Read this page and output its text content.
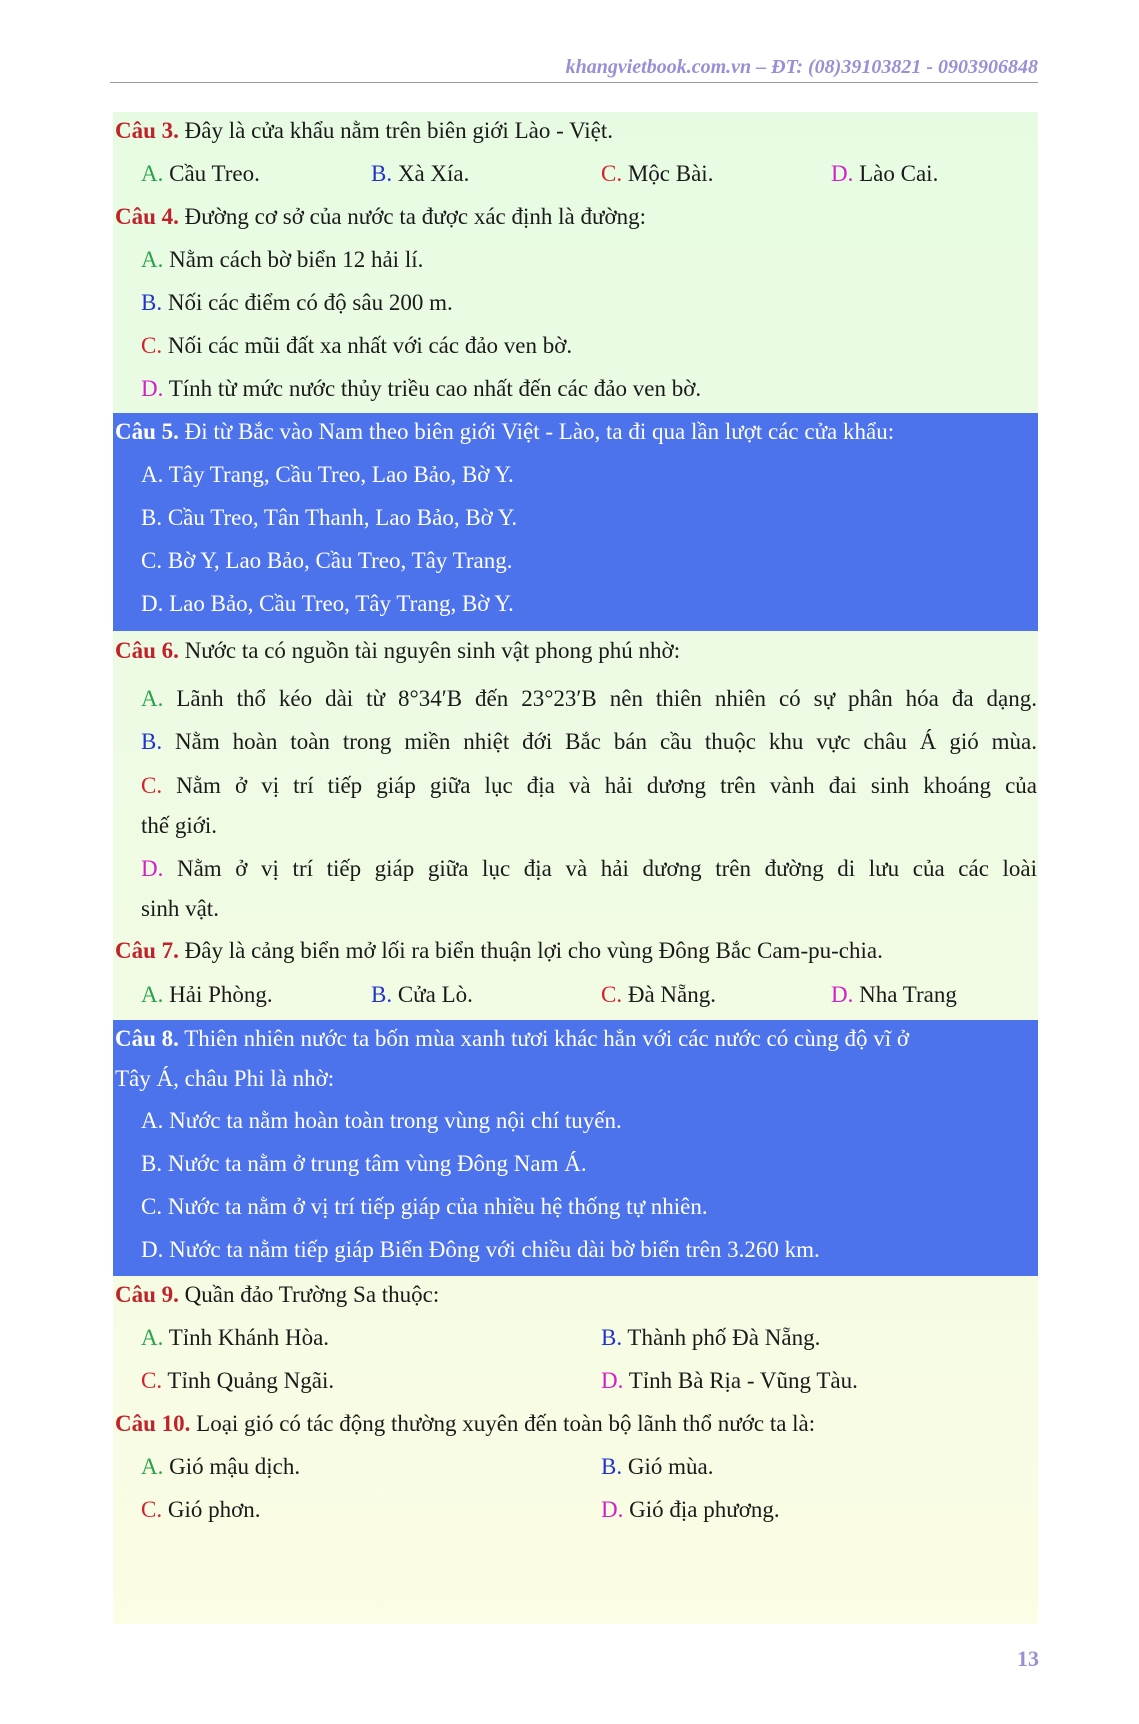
khangvietbook.com.vn – ĐT: (08)39103821 - 0903906848
Câu 3. Đây là cửa khẩu nằm trên biên giới Lào - Việt.
A. Cầu Treo.	B. Xà Xía.	C. Mộc Bài.	D. Lào Cai.
Câu 4. Đường cơ sở của nước ta được xác định là đường:
A. Nằm cách bờ biển 12 hải lí.
B. Nối các điểm có độ sâu 200 m.
C. Nối các mũi đất xa nhất với các đảo ven bờ.
D. Tính từ mức nước thủy triều cao nhất đến các đảo ven bờ.
Câu 5. Đi từ Bắc vào Nam theo biên giới Việt - Lào, ta đi qua lần lượt các cửa khẩu:
A. Tây Trang, Cầu Treo, Lao Bảo, Bờ Y.
B. Cầu Treo, Tân Thanh, Lao Bảo, Bờ Y.
C. Bờ Y, Lao Bảo, Cầu Treo, Tây Trang.
D. Lao Bảo, Cầu Treo, Tây Trang, Bờ Y.
Câu 6. Nước ta có nguồn tài nguyên sinh vật phong phú nhờ:
A. Lãnh thổ kéo dài từ 8°34′B đến 23°23′B nên thiên nhiên có sự phân hóa đa dạng.
B. Nằm hoàn toàn trong miền nhiệt đới Bắc bán cầu thuộc khu vực châu Á gió mùa.
C. Nằm ở vị trí tiếp giáp giữa lục địa và hải dương trên vành đai sinh khoáng của
thế giới.
D. Nằm ở vị trí tiếp giáp giữa lục địa và hải dương trên đường di lưu của các loài
sinh vật.
Câu 7. Đây là cảng biển mở lối ra biển thuận lợi cho vùng Đông Bắc Cam-pu-chia.
A. Hải Phòng.	B. Cửa Lò.	C. Đà Nẵng.	D. Nha Trang
Câu 8. Thiên nhiên nước ta bốn mùa xanh tươi khác hẳn với các nước có cùng độ vĩ ở
Tây Á, châu Phi là nhờ:
A. Nước ta nằm hoàn toàn trong vùng nội chí tuyến.
B. Nước ta nằm ở trung tâm vùng Đông Nam Á.
C. Nước ta nằm ở vị trí tiếp giáp của nhiều hệ thống tự nhiên.
D. Nước ta nằm tiếp giáp Biển Đông với chiều dài bờ biển trên 3.260 km.
Câu 9. Quần đảo Trường Sa thuộc:
A. Tỉnh Khánh Hòa.	B. Thành phố Đà Nẵng.
C. Tỉnh Quảng Ngãi.	D. Tỉnh Bà Rịa - Vũng Tàu.
Câu 10. Loại gió có tác động thường xuyên đến toàn bộ lãnh thổ nước ta là:
A. Gió mậu dịch.	B. Gió mùa.
C. Gió phơn.	D. Gió địa phương.
13
